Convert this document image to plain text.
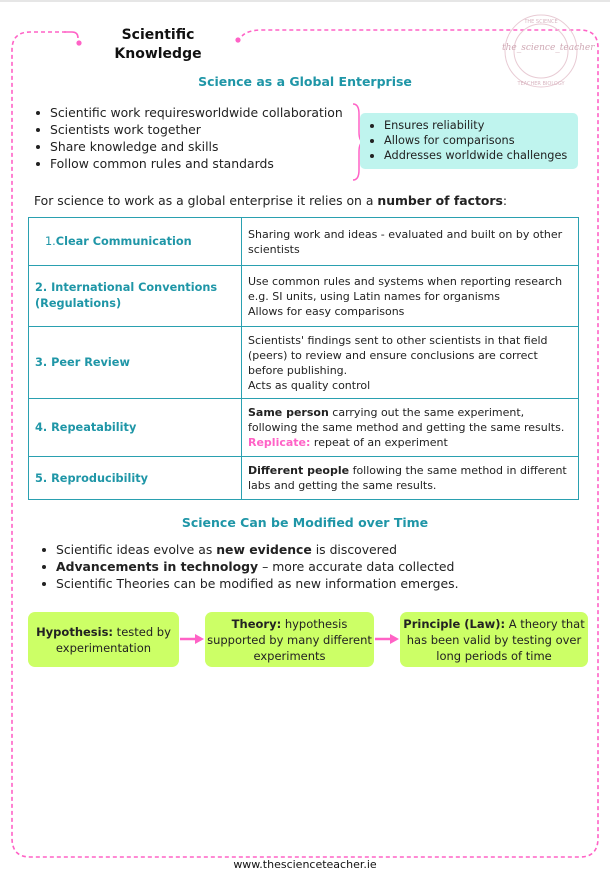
Scientific
Knowledge
THE SCIENCE
TEACHER BIOLOGY
the_science_teacher
Science as a Global Enterprise
Scientific work requiresworldwide collaboration
Scientists work together
Share knowledge and skills
Follow common rules and standards
Ensures reliability
Allows for comparisons
Addresses worldwide challenges
For science to work as a global enterprise it relies on a number of factors:
1.Clear Communication	Sharing work and ideas - evaluated and built on by other scientists
2. International Conventions (Regulations)	Use common rules and systems when reporting research e.g. SI units, using Latin names for organisms
Allows for easy comparisons

3. Peer Review	Scientists' findings sent to other scientists in that field (peers) to review and ensure conclusions are correct before publishing.
Acts as quality control

4. Repeatability	Same person carrying out the same experiment, following the same method and getting the same results.
Replicate: repeat of an experiment

5. Reproducibility	Different people following the same method in different labs and getting the same results.
Science Can be Modified over Time
Scientific ideas evolve as new evidence is discovered
Advancements in technology – more accurate data collected
Scientific Theories can be modified as new information emerges.
Hypothesis: tested by experimentation
Theory: hypothesis supported by many different experiments
Principle (Law): A theory that has been valid by testing over long periods of time
www.thescienceteacher.ie
